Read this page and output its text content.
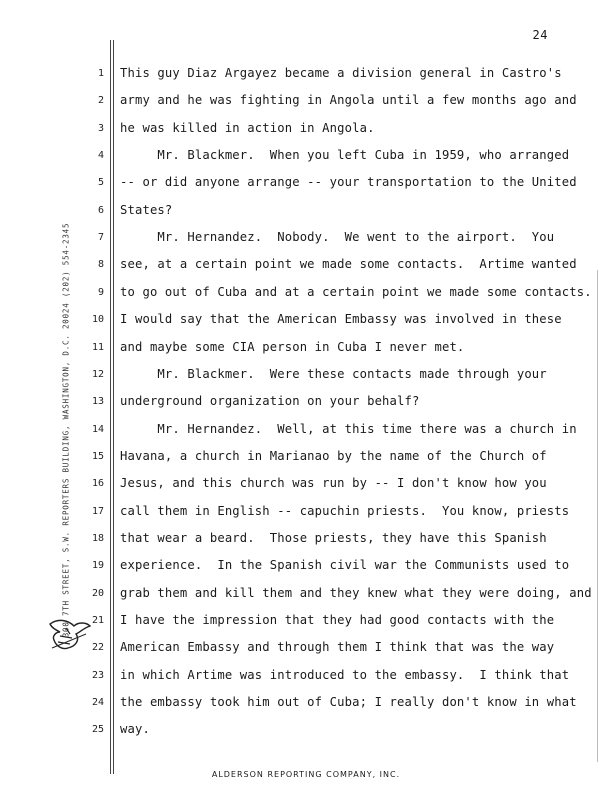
24
300 7TH STREET, S.W. REPORTERS BUILDING, WASHINGTON, D.C. 20024 (202) 554-2345
1 This guy Diaz Argayez became a division general in Castro's
2 army and he was fighting in Angola until a few months ago and
3 he was killed in action in Angola.
4 Mr. Blackmer.  When you left Cuba in 1959, who arranged
5 -- or did anyone arrange -- your transportation to the United
6 States?
7 Mr. Hernandez.  Nobody.  We went to the airport.  You
8 see, at a certain point we made some contacts.  Artime wanted
9 to go out of Cuba and at a certain point we made some contacts.
10 I would say that the American Embassy was involved in these
11 and maybe some CIA person in Cuba I never met.
12 Mr. Blackmer.  Were these contacts made through your
13 underground organization on your behalf?
14 Mr. Hernandez.  Well, at this time there was a church in
15 Havana, a church in Marianao by the name of the Church of
16 Jesus, and this church was run by -- I don't know how you
17 call them in English -- capuchin priests.  You know, priests
18 that wear a beard.  Those priests, they have this Spanish
19 experience.  In the Spanish civil war the Communists used to
20 grab them and kill them and they knew what they were doing, and
21 I have the impression that they had good contacts with the
22 American Embassy and through them I think that was the way
23 in which Artime was introduced to the embassy.  I think that
24 the embassy took him out of Cuba; I really don't know in what
25 way.
ALDERSON REPORTING COMPANY, INC.
